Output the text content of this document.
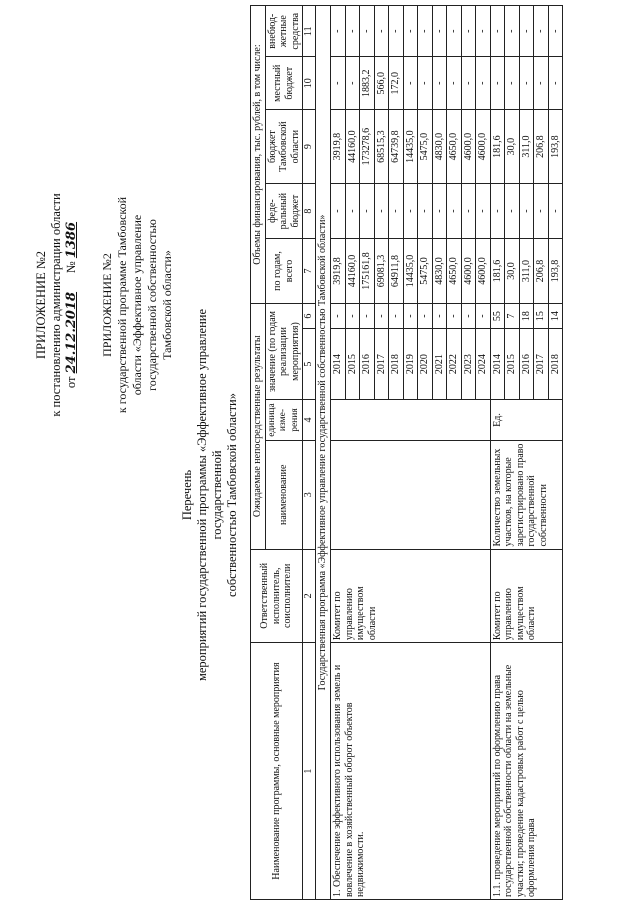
ПРИЛОЖЕНИЕ №2 к постановлению администрации области от 24.12.2018      № 1386
ПРИЛОЖЕНИЕ №2 к государственной программе Тамбовской области «Эффективное управление государственной собственностью Тамбовской области»
Перечень мероприятий государственной программы «Эффективное управление государственной собственностью Тамбовской области»
Наименование программы, основные мероприятия	Ответственный исполнитель, соисполнители	Ожидаемые непосредственные результаты				Объемы финансирования, тыс. рублей, в том числе:				
		наименование	единица изме-рения	значение (по годам реализации мероприятия)		по годам, всего	феде-ральный бюджет	бюджет Тамбовской области	местный бюджет	внебюд-жетные средства
1	2	3	4	5	6	7	8	9	10	11
Государственная программа «Эффективное управление государственной собственностью Тамбовской области»										
1. Обеспечение эффективного использования земель и вовлечение в хозяйственный оборот объектов недвижимости.	Комитет по управлению имуществом области			2014	-	3919,8	-	3919,8	-	-
				2015	-	44160,0	-	44160,0	-	-
				2016	-	175161,8	-	173278,6	1883,2	-
				2017	-	69081,3	-	68515,3	566,0	-
				2018	-	64911,8	-	64739,8	172,0	-
				2019	-	14435,0	-	14435,0	-	-
				2020	-	5475,0	-	5475,0	-	-
				2021	-	4830,0	-	4830,0	-	-
				2022	-	4650,0	-	4650,0	-	-
				2023	-	4600,0	-	4600,0	-	-
				2024	-	4600,0	-	4600,0	-	-
1.1. проведение мероприятий по оформлению права государственной собственности области на земельные участки; проведение кадастровых работ с целью оформления права	Комитет по управлению имуществом области	Количество земельных участков, на которые зарегистрировано право государственной собственности	Ед.	2014	55	181,6	-	181,6	-	-
				2015	7	30,0	-	30,0	-	-
				2016	18	311,0	-	311,0	-	-
				2017	15	206,8	-	206,8	-	-
				2018	14	193,8	-	193,8	-	-
